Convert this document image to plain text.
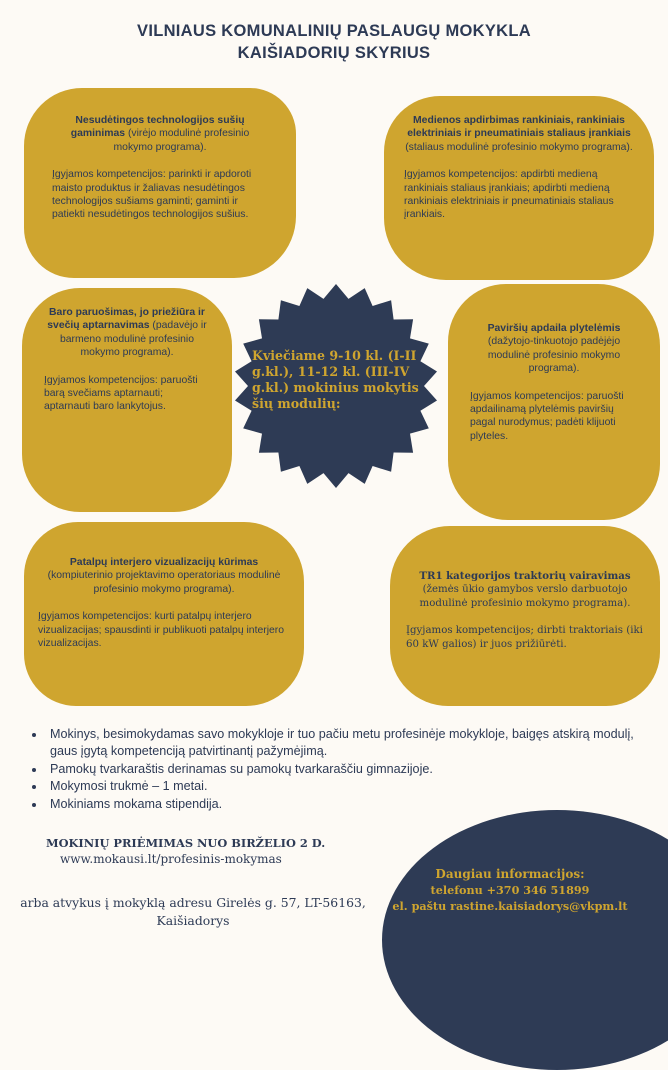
VILNIAUS KOMUNALINIŲ PASLAUGŲ MOKYKLA
KAIŠIADORIŲ SKYRIUS

Nesudėtingos technologijos sušių gaminimas (virėjo modulinė profesinio mokymo programa).

Įgyjamos kompetencijos: parinkti ir apdoroti maisto produktus ir žaliavas nesudėtingos technologijos sušiams gaminti; gaminti ir patiekti nesudėtingos technologijos sušius.

Medienos apdirbimas rankiniais, rankiniais elektriniais ir pneumatiniais staliaus įrankiais (staliaus modulinė profesinio mokymo programa).

Įgyjamos kompetencijos: apdirbti medieną rankiniais staliaus įrankiais; apdirbti medieną rankiniais elektriniais ir pneumatiniais staliaus įrankiais.

Baro paruošimas, jo priežiūra ir svečių aptarnavimas (padavėjo ir barmeno modulinė profesinio mokymo programa).

Įgyjamos kompetencijos: paruošti barą svečiams aptarnauti; aptarnauti baro lankytojus.

Paviršių apdaila plytelėmis (dažytojo-tinkuotojo padėjėjo modulinė profesinio mokymo programa).

Įgyjamos kompetencijos: paruošti apdailinamą plytelėmis paviršių pagal nurodymus; padėti klijuoti plyteles.

Patalpų interjero vizualizacijų kūrimas (kompiuterinio projektavimo operatoriaus modulinė profesinio mokymo programa).

Įgyjamos kompetencijos: kurti patalpų interjero vizualizacijas; spausdinti ir publikuoti patalpų interjero vizualizacijas.

TR1 kategorijos traktorių vairavimas
(žemės ūkio gamybos verslo darbuotojo modulinė profesinio mokymo programa).

Įgyjamos kompetencijos; dirbti traktoriais (iki 60 kW galios) ir juos prižiūrėti.

Kviečiame 9-10 kl. (I-II g.kl.), 11-12 kl. (III-IV g.kl.) mokinius mokytis šių modulių:
• Mokinys, besimokydamas savo mokykloje ir tuo pačiu metu profesinėje mokykloje, baigęs atskirą modulį, gaus įgytą kompetenciją patvirtinantį pažymėjimą.
• Pamokų tvarkaraštis derinamas su pamokų tvarkaraščiu gimnazijoje.
• Mokymosi trukmė – 1 metai.
• Mokiniams mokama stipendija.
MOKINIŲ PRIĖMIMAS NUO BIRŽELIO 2 D.
www.mokausi.lt/profesinis-mokymas
arba atvykus į mokyklą adresu Girelės g. 57, LT-56163, Kaišiadorys
Daugiau informacijos:
telefonu +370 346 51899
el. paštu rastine.kaisiadorys@vkpm.lt
